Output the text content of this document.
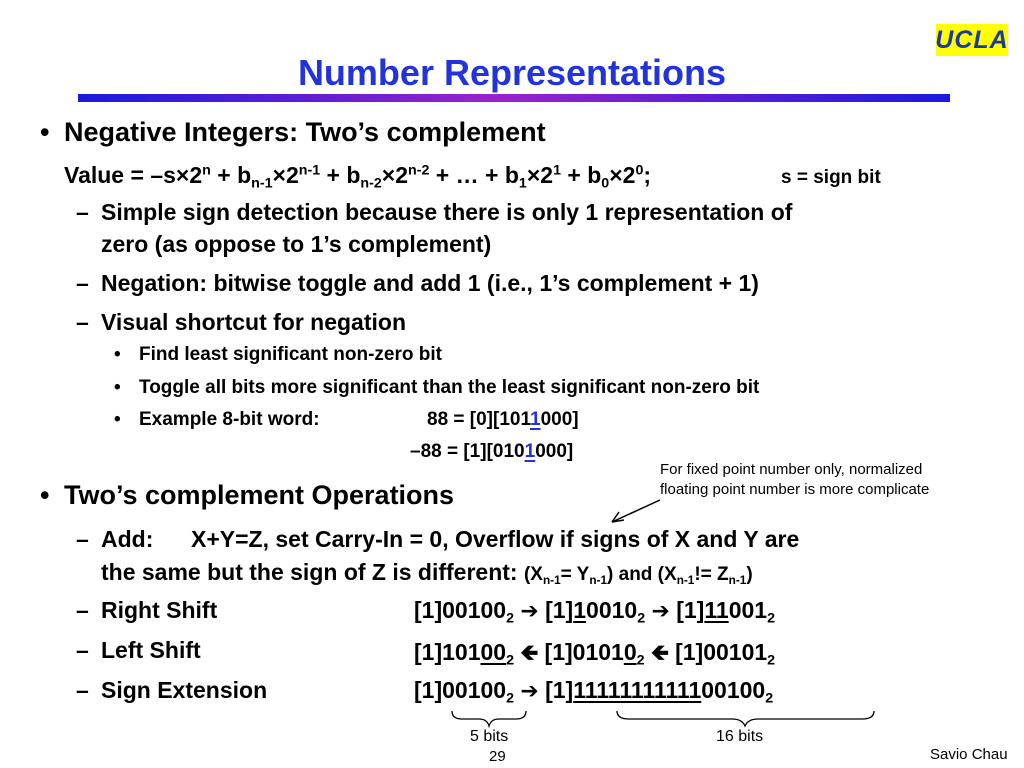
UCLA
Number Representations
• Negative Integers: Two’s complement
Value = $-s\times 2^n + b_{n-1}\times 2^{n-1} + b_{n-2}\times 2^{n-2}$ + … + $b_1\times 2^1 + b_0\times 2^0$;	s = sign bit
– Simple sign detection because there is only 1 representation of
zero (as oppose to 1’s complement)
– Negation: bitwise toggle and add 1 (i.e., 1’s complement + 1)
– Visual shortcut for negation
• Find least significant non-zero bit
• Toggle all bits more significant than the least significant non-zero bit
• Example 8-bit word:	88 = [0][1011000]
–88 = [1][0101000]
For fixed point number only, normalized
floating point number is more complicate
• Two’s complement Operations
– Add: X+Y=Z, set Carry-In = 0, Overflow if signs of X and Y are
the same but the sign of Z is different: $(X_{n-1}= Y_{n-1})$ and $(X_{n-1}!= Z_{n-1})$
– Right Shift	$[1]00100_2$ ➔ $[1]10010_2$ ➔ $[1]11001_2$
– Left Shift	$[1]10100_2$ 🡸 $[1]01010_2$ 🡸 $[1]00101_2$
– Sign Extension	$[1]00100_2$ ➔ $[1]1111111111100100_2$
5 bits	16 bits
29	Savio Chau
